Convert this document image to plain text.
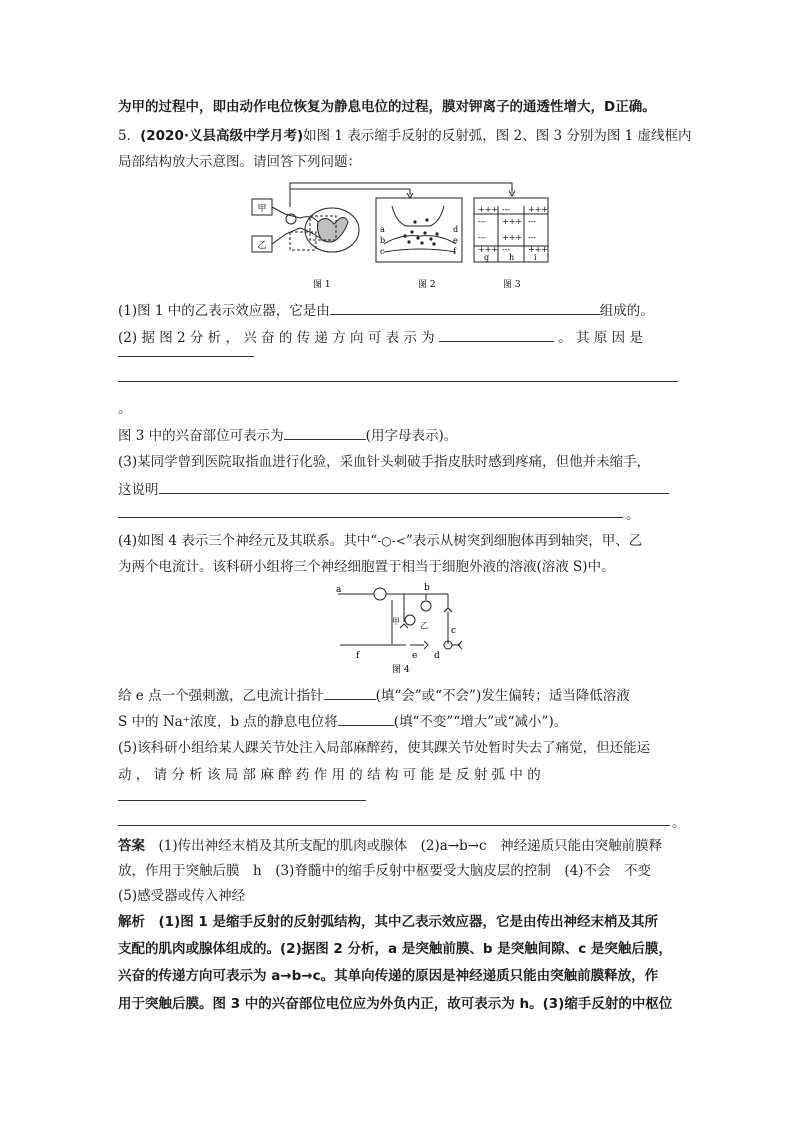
为甲的过程中，即由动作电位恢复为静息电位的过程，膜对钾离子的通透性增大，D正确。
5．(2020·义县高级中学月考)如图 1 表示缩手反射的反射弧，图 2、图 3 分别为图 1 虚线框内
局部结构放大示意图。请回答下列问题：
甲
乙
a
b
c
d
e
f
+++ --- +++
--- +++ ---
--- +++ ---
+++ --- +++
g h i
图 1	图 2	图 3
(1)图 1 中的乙表示效应器，它是由	组成的。
(2) 据 图 2 分 析 ， 兴 奋 的 传 递 方 向 可 表 示 为	。 其 原 因 是
。
图 3 中的兴奋部位可表示为	(用字母表示)。
(3)某同学曾到医院取指血进行化验，采血针头刺破手指皮肤时感到疼痛，但他并未缩手，
这说明
。
(4)如图 4 表示三个神经元及其联系。其中“-○-<”表示从树突到细胞体再到轴突，甲、乙
为两个电流计。该科研小组将三个神经细胞置于相当于细胞外液的溶液(溶液 S)中。
a	b
c
d
e
f
甲	乙
图 4
给 e 点一个强刺激，乙电流计指针	(填“会”或“不会”)发生偏转；适当降低溶液
S 中的 Na⁺浓度，b 点的静息电位将	(填“不变”“增大”或“减小”)。
(5)该科研小组给某人踝关节处注入局部麻醉药，使其踝关节处暂时失去了痛觉，但还能运
动 ， 请 分 析 该 局 部 麻 醉 药 作 用 的 结 构 可 能 是 反 射 弧 中 的
。
答案　(1)传出神经末梢及其所支配的肌肉或腺体　(2)a→b→c　神经递质只能由突触前膜释
放，作用于突触后膜　h　(3)脊髓中的缩手反射中枢要受大脑皮层的控制　(4)不会　不变
(5)感受器或传入神经
解析　(1)图 1 是缩手反射的反射弧结构，其中乙表示效应器，它是由传出神经末梢及其所
支配的肌肉或腺体组成的。(2)据图 2 分析，a 是突触前膜、b 是突触间隙、c 是突触后膜，
兴奋的传递方向可表示为 a→b→c。其单向传递的原因是神经递质只能由突触前膜释放，作
用于突触后膜。图 3 中的兴奋部位电位应为外负内正，故可表示为 h。(3)缩手反射的中枢位
